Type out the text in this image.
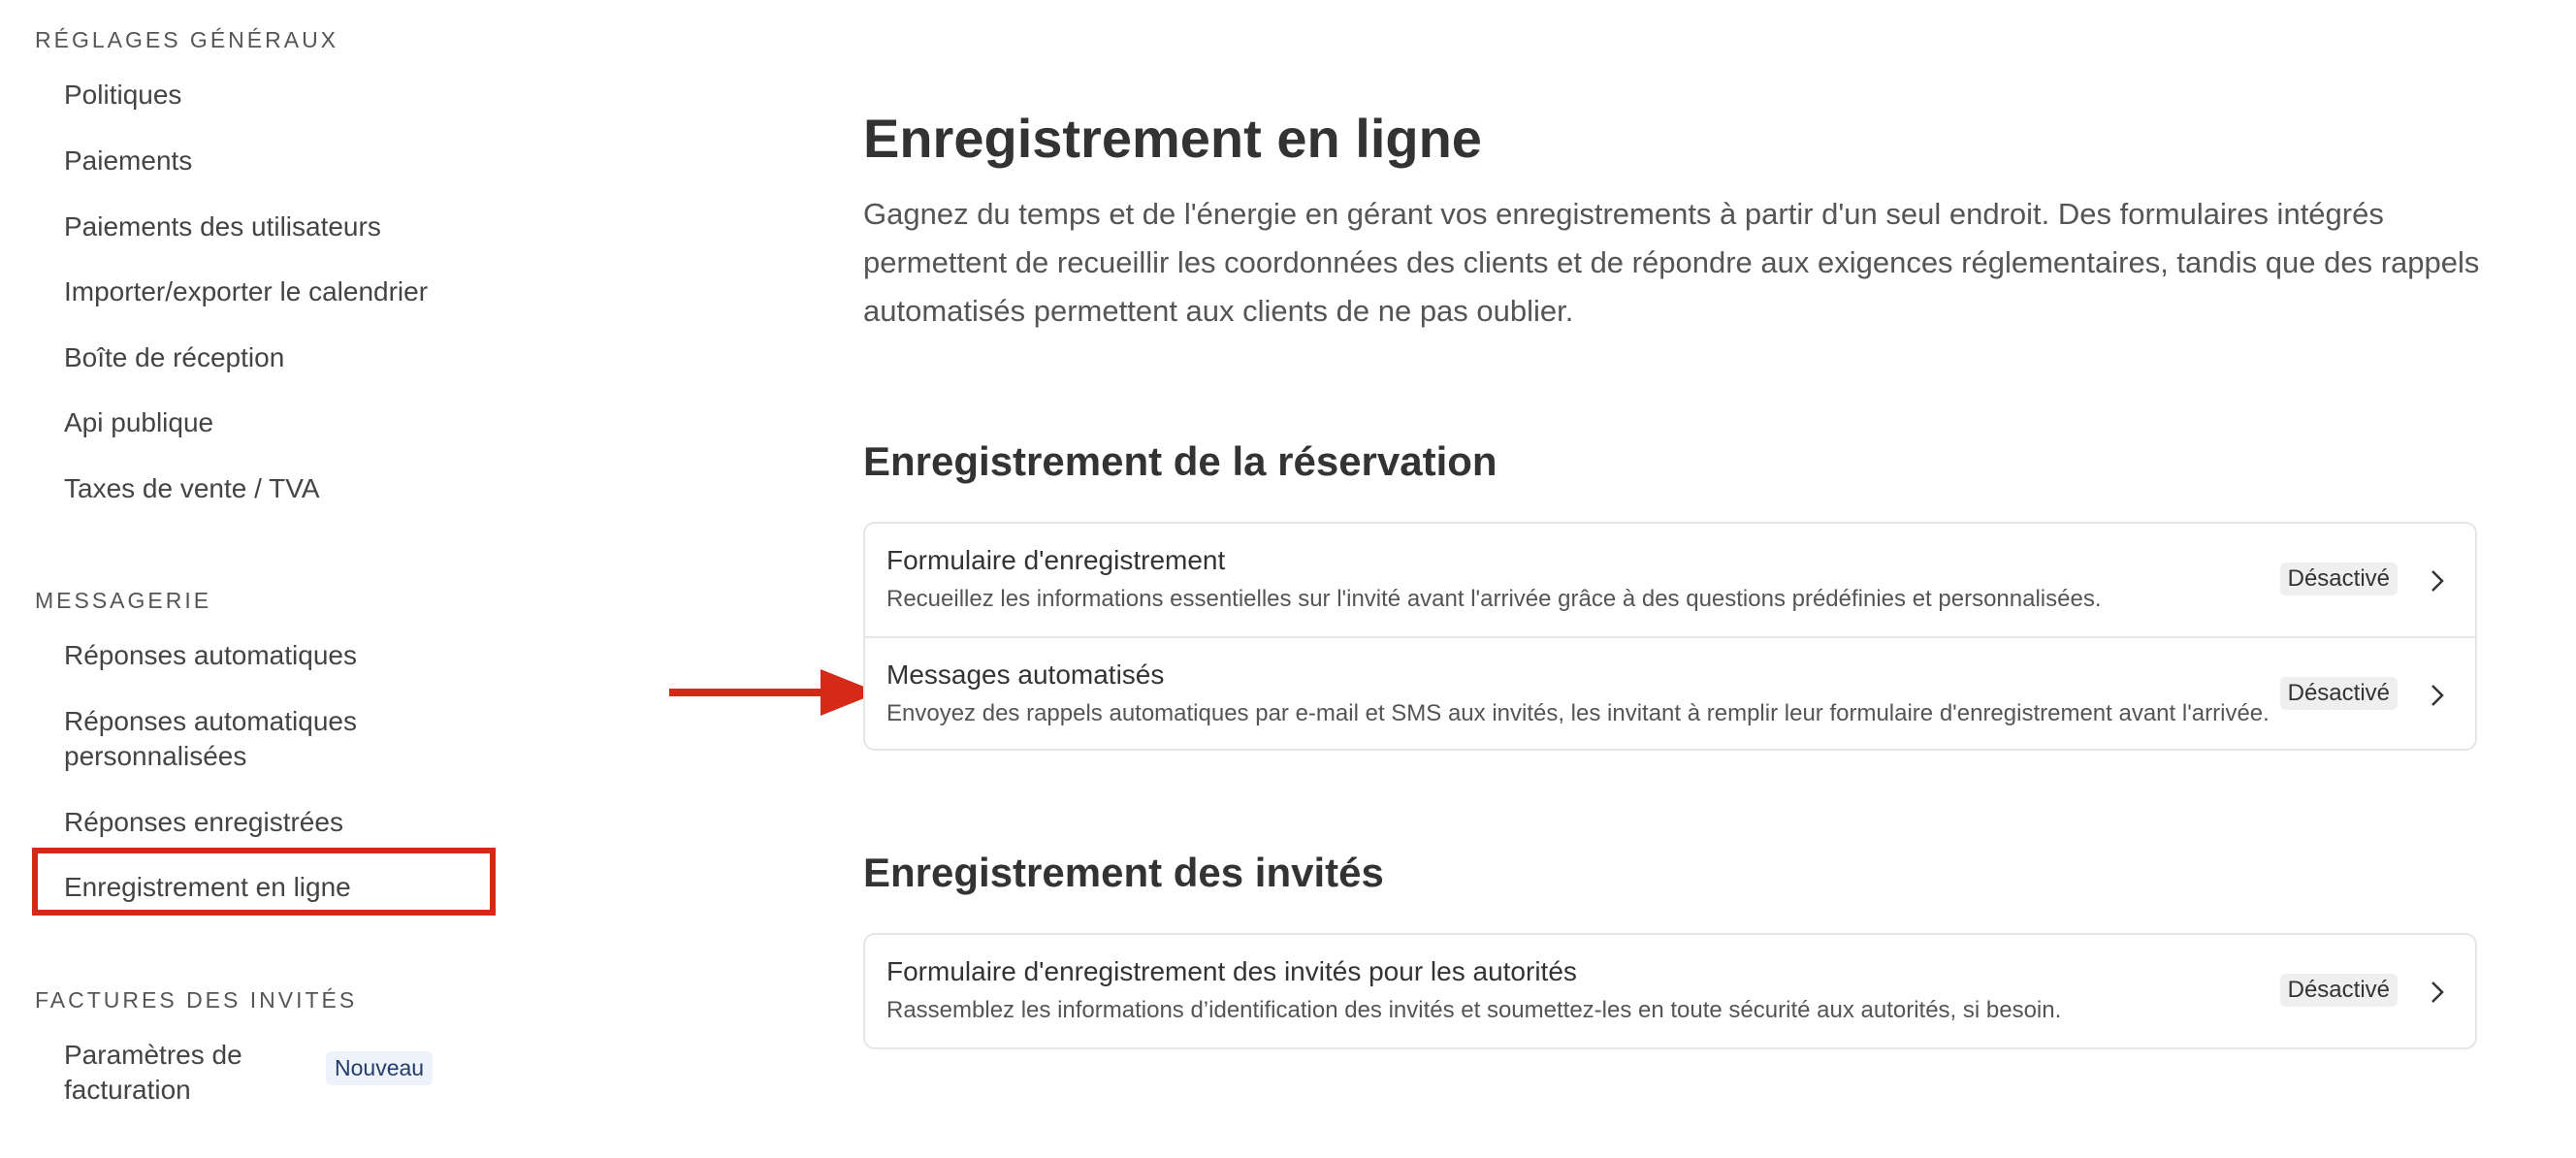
RÉGLAGES GÉNÉRAUX
Politiques
Paiements
Paiements des utilisateurs
Importer/exporter le calendrier
Boîte de réception
Api publique
Taxes de vente / TVA
MESSAGERIE
Réponses automatiques
Réponses automatiques personnalisées
Réponses enregistrées
Enregistrement en ligne
FACTURES DES INVITÉS
Paramètres de facturation
Nouveau
Enregistrement en ligne

Gagnez du temps et de l'énergie en gérant vos enregistrements à partir d'un seul endroit. Des formulaires intégrés permettent de recueillir les coordonnées des clients et de répondre aux exigences réglementaires, tandis que des rappels automatisés permettent aux clients de ne pas oublier.

Enregistrement de la réservation
Formulaire d'enregistrement
Recueillez les informations essentielles sur l'invité avant l'arrivée grâce à des questions prédéfinies et personnalisées.
Désactivé
Messages automatisés
Envoyez des rappels automatiques par e-mail et SMS aux invités, les invitant à remplir leur formulaire d'enregistrement avant l'arrivée.
Désactivé
Enregistrement des invités
Formulaire d'enregistrement des invités pour les autorités
Rassemblez les informations d’identification des invités et soumettez-les en toute sécurité aux autorités, si besoin.
Désactivé
